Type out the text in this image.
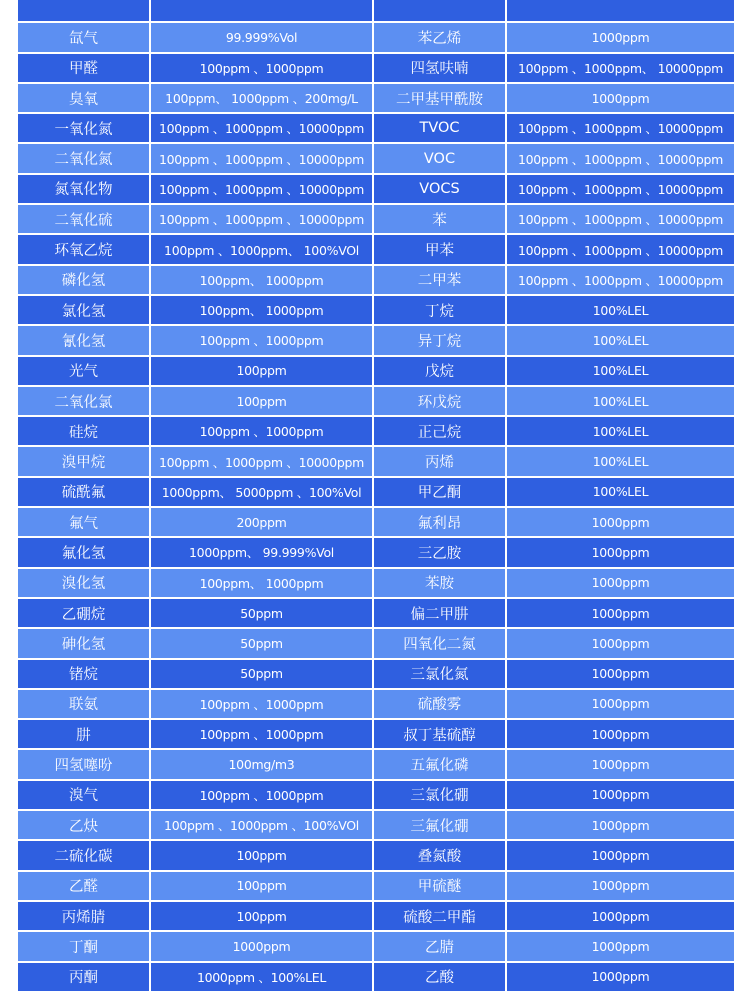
氙气	99.999%Vol	苯乙烯	1000ppm
甲醛	100ppm 、1000ppm	四氢呋喃	100ppm 、1000ppm、 10000ppm
臭氧	100ppm、 1000ppm 、200mg/L	二甲基甲酰胺	1000ppm
一氧化氮	100ppm 、1000ppm 、10000ppm	TVOC	100ppm 、1000ppm 、10000ppm
二氧化氮	100ppm 、1000ppm 、10000ppm	VOC	100ppm 、1000ppm 、10000ppm
氮氧化物	100ppm 、1000ppm 、10000ppm	VOCS	100ppm 、1000ppm 、10000ppm
二氧化硫	100ppm 、1000ppm 、10000ppm	苯	100ppm 、1000ppm 、10000ppm
环氧乙烷	100ppm 、1000ppm、 100%VOl	甲苯	100ppm 、1000ppm 、10000ppm
磷化氢	100ppm、 1000ppm	二甲苯	100ppm 、1000ppm 、10000ppm
氯化氢	100ppm、 1000ppm	丁烷	100%LEL
氰化氢	100ppm 、1000ppm	异丁烷	100%LEL
光气	100ppm	戊烷	100%LEL
二氧化氯	100ppm	环戊烷	100%LEL
硅烷	100ppm 、1000ppm	正己烷	100%LEL
溴甲烷	100ppm 、1000ppm 、10000ppm	丙烯	100%LEL
硫酰氟	1000ppm、 5000ppm 、100%Vol	甲乙酮	100%LEL
氟气	200ppm	氟利昂	1000ppm
氟化氢	1000ppm、 99.999%Vol	三乙胺	1000ppm
溴化氢	100ppm、 1000ppm	苯胺	1000ppm
乙硼烷	50ppm	偏二甲肼	1000ppm
砷化氢	50ppm	四氧化二氮	1000ppm
锗烷	50ppm	三氯化氮	1000ppm
联氨	100ppm 、1000ppm	硫酸雾	1000ppm
肼	100ppm 、1000ppm	叔丁基硫醇	1000ppm
四氢噻吩	100mg/m3	五氟化磷	1000ppm
溴气	100ppm 、1000ppm	三氯化硼	1000ppm
乙炔	100ppm 、1000ppm 、100%VOl	三氟化硼	1000ppm
二硫化碳	100ppm	叠氮酸	1000ppm
乙醛	100ppm	甲硫醚	1000ppm
丙烯腈	100ppm	硫酸二甲酯	1000ppm
丁酮	1000ppm	乙腈	1000ppm
丙酮	1000ppm 、100%LEL	乙酸	1000ppm
